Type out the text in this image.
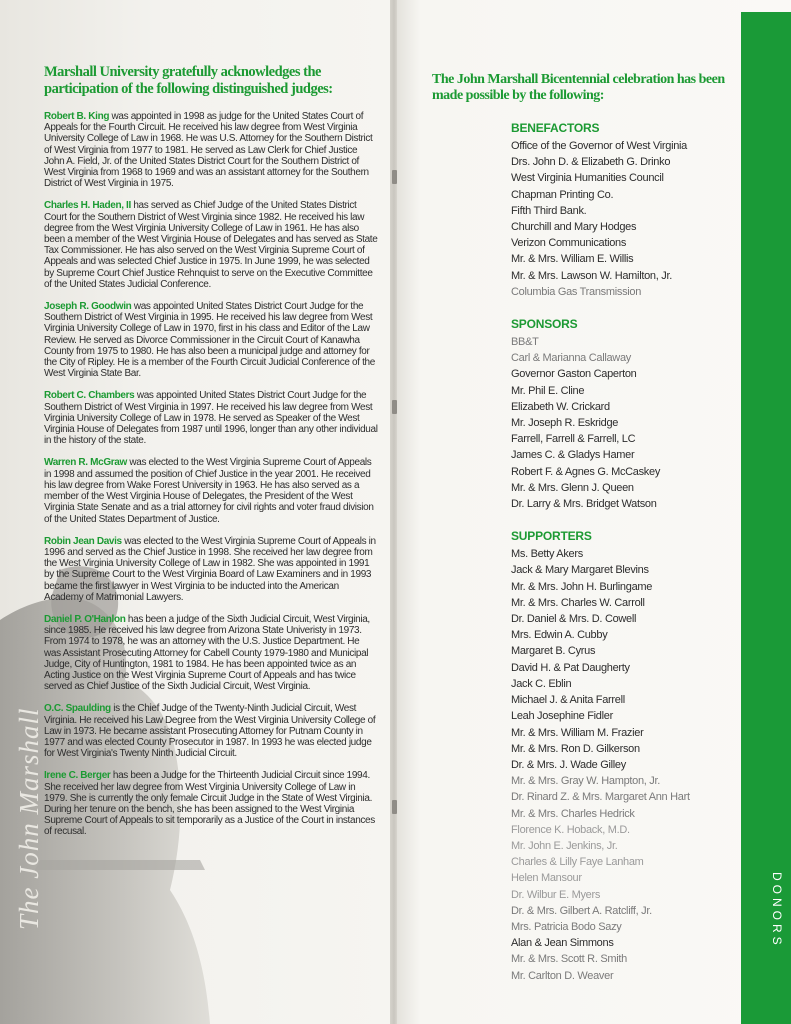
The John Marshall
Marshall University gratefully acknowledges the participation of the following distinguished judges:

Robert B. King was appointed in 1998 as judge for the United States Court of Appeals for the Fourth Circuit. He received his law degree from West Virginia University College of Law in 1968. He was U.S. Attorney for the Southern District of West Virginia from 1977 to 1981. He served as Law Clerk for Chief Justice John A. Field, Jr. of the United States District Court for the Southern District of West Virginia from 1968 to 1969 and was an assistant attorney for the Southern District of West Virginia in 1975.

Charles H. Haden, II has served as Chief Judge of the United States District Court for the Southern District of West Virginia since 1982. He received his law degree from the West Virginia University College of Law in 1961. He has also been a member of the West Virginia House of Delegates and has served as State Tax Commissioner. He has also served on the West Virginia Supreme Court of Appeals and was selected Chief Justice in 1975. In June 1999, he was selected by Supreme Court Chief Justice Rehnquist to serve on the Executive Committee of the United States Judicial Conference.

Joseph R. Goodwin was appointed United States District Court Judge for the Southern District of West Virginia in 1995. He received his law degree from West Virginia University College of Law in 1970, first in his class and Editor of the Law Review. He served as Divorce Commissioner in the Circuit Court of Kanawha County from 1975 to 1980. He has also been a municipal judge and attorney for the City of Ripley. He is a member of the Fourth Circuit Judicial Conference of the West Virginia State Bar.

Robert C. Chambers was appointed United States District Court Judge for the Southern District of West Virginia in 1997. He received his law degree from West Virginia University College of Law in 1978. He served as Speaker of the West Virginia House of Delegates from 1987 until 1996, longer than any other individual in the history of the state.

Warren R. McGraw was elected to the West Virginia Supreme Court of Appeals in 1998 and assumed the position of Chief Justice in the year 2001. He received his law degree from Wake Forest University in 1963. He has also served as a member of the West Virginia House of Delegates, the President of the West Virginia State Senate and as a trial attorney for civil rights and voter fraud division of the United States Department of Justice.

Robin Jean Davis was elected to the West Virginia Supreme Court of Appeals in 1996 and served as the Chief Justice in 1998. She received her law degree from the West Virginia University College of Law in 1982. She was appointed in 1991 by the Supreme Court to the West Virginia Board of Law Examiners and in 1993 became the first lawyer in West Virginia to be inducted into the American Academy of Matrimonial Lawyers.

Daniel P. O'Hanlon has been a judge of the Sixth Judicial Circuit, West Virginia, since 1985. He received his law degree from Arizona State Univeristy in 1973. From 1974 to 1978, he was an attorney with the U.S. Justice Department. He was Assistant Prosecuting Attorney for Cabell County 1979-1980 and Municipal Judge, City of Huntington, 1981 to 1984. He has been appointed twice as an Acting Justice on the West Virginia Supreme Court of Appeals and has twice served as Chief Justice of the Sixth Judicial Circuit, West Virginia.

O.C. Spaulding is the Chief Judge of the Twenty-Ninth Judicial Circuit, West Virginia. He received his Law Degree from the West Virginia University College of Law in 1973. He became assistant Prosecuting Attorney for Putnam County in 1977 and was elected County Prosecutor in 1987. In 1993 he was elected judge for West Virginia's Twenty Ninth Judicial Circuit.

Irene C. Berger has been a Judge for the Thirteenth Judicial Circuit since 1994. She received her law degree from West Virginia University College of Law in 1979. She is currently the only female Circuit Judge in the State of West Virginia. During her tenure on the bench, she has been assigned to the West Virginia Supreme Court of Appeals to sit temporarily as a Justice of the Court in instances of recusal.

The John Marshall Bicentennial celebration has been made possible by the following:
BENEFACTORS
Office of the Governor of West Virginia
Drs. John D. & Elizabeth G. Drinko
West Virginia Humanities Council
Chapman Printing Co.
Fifth Third Bank.
Churchill and Mary Hodges
Verizon Communications
Mr. & Mrs. William E. Willis
Mr. & Mrs. Lawson W. Hamilton, Jr.
Columbia Gas Transmission
SPONSORS
BB&T
Carl & Marianna Callaway
Governor Gaston Caperton
Mr. Phil E. Cline
Elizabeth W. Crickard
Mr. Joseph R. Eskridge
Farrell, Farrell & Farrell, LC
James C. & Gladys Hamer
Robert F. & Agnes G. McCaskey
Mr. & Mrs. Glenn J. Queen
Dr. Larry & Mrs. Bridget Watson
SUPPORTERS
Ms. Betty Akers
Jack & Mary Margaret Blevins
Mr. & Mrs. John H. Burlingame
Mr. & Mrs. Charles W. Carroll
Dr. Daniel & Mrs. D. Cowell
Mrs. Edwin A. Cubby
Margaret B. Cyrus
David H. & Pat Daugherty
Jack C. Eblin
Michael J. & Anita Farrell
Leah Josephine Fidler
Mr. & Mrs. William M. Frazier
Mr. & Mrs. Ron D. Gilkerson
Dr. & Mrs. J. Wade Gilley
Mr. & Mrs. Gray W. Hampton, Jr.
Dr. Rinard Z. & Mrs. Margaret Ann Hart
Mr. & Mrs. Charles Hedrick
Florence K. Hoback, M.D.
Mr. John E. Jenkins, Jr.
Charles & Lilly Faye Lanham
Helen Mansour
Dr. Wilbur E. Myers
Dr. & Mrs. Gilbert A. Ratcliff, Jr.
Mrs. Patricia Bodo Sazy
Alan & Jean Simmons
Mr. & Mrs. Scott R. Smith
Mr. Carlton D. Weaver
DONORS
